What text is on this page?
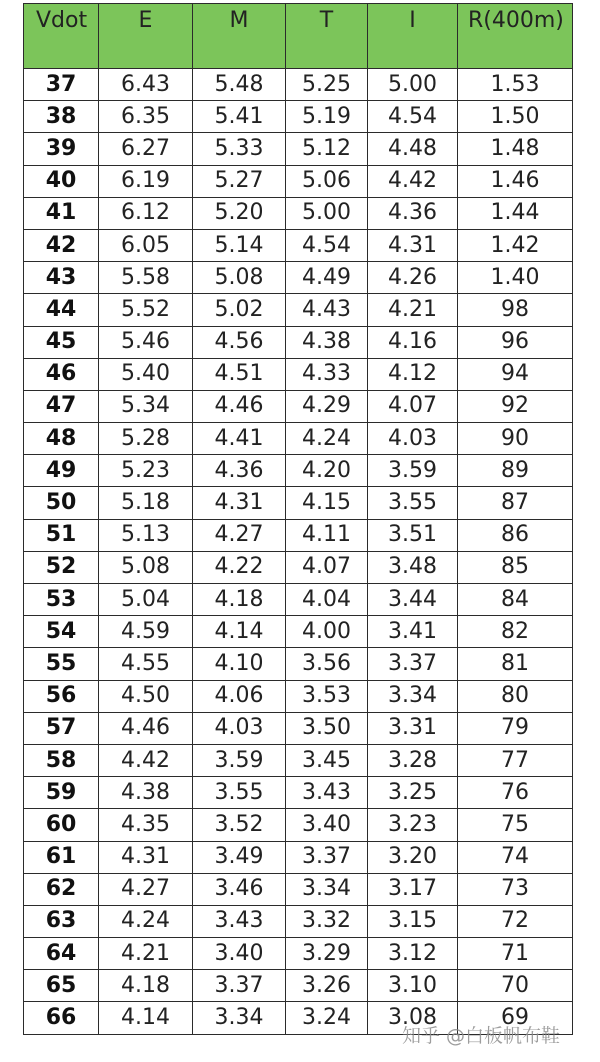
Vdot	E	M	T	I	R(400m)
37	6.43	5.48	5.25	5.00	1.53
38	6.35	5.41	5.19	4.54	1.50
39	6.27	5.33	5.12	4.48	1.48
40	6.19	5.27	5.06	4.42	1.46
41	6.12	5.20	5.00	4.36	1.44
42	6.05	5.14	4.54	4.31	1.42
43	5.58	5.08	4.49	4.26	1.40
44	5.52	5.02	4.43	4.21	98
45	5.46	4.56	4.38	4.16	96
46	5.40	4.51	4.33	4.12	94
47	5.34	4.46	4.29	4.07	92
48	5.28	4.41	4.24	4.03	90
49	5.23	4.36	4.20	3.59	89
50	5.18	4.31	4.15	3.55	87
51	5.13	4.27	4.11	3.51	86
52	5.08	4.22	4.07	3.48	85
53	5.04	4.18	4.04	3.44	84
54	4.59	4.14	4.00	3.41	82
55	4.55	4.10	3.56	3.37	81
56	4.50	4.06	3.53	3.34	80
57	4.46	4.03	3.50	3.31	79
58	4.42	3.59	3.45	3.28	77
59	4.38	3.55	3.43	3.25	76
60	4.35	3.52	3.40	3.23	75
61	4.31	3.49	3.37	3.20	74
62	4.27	3.46	3.34	3.17	73
63	4.24	3.43	3.32	3.15	72
64	4.21	3.40	3.29	3.12	71
65	4.18	3.37	3.26	3.10	70
66	4.14	3.34	3.24	3.08	69
知乎 @白板帆布鞋
